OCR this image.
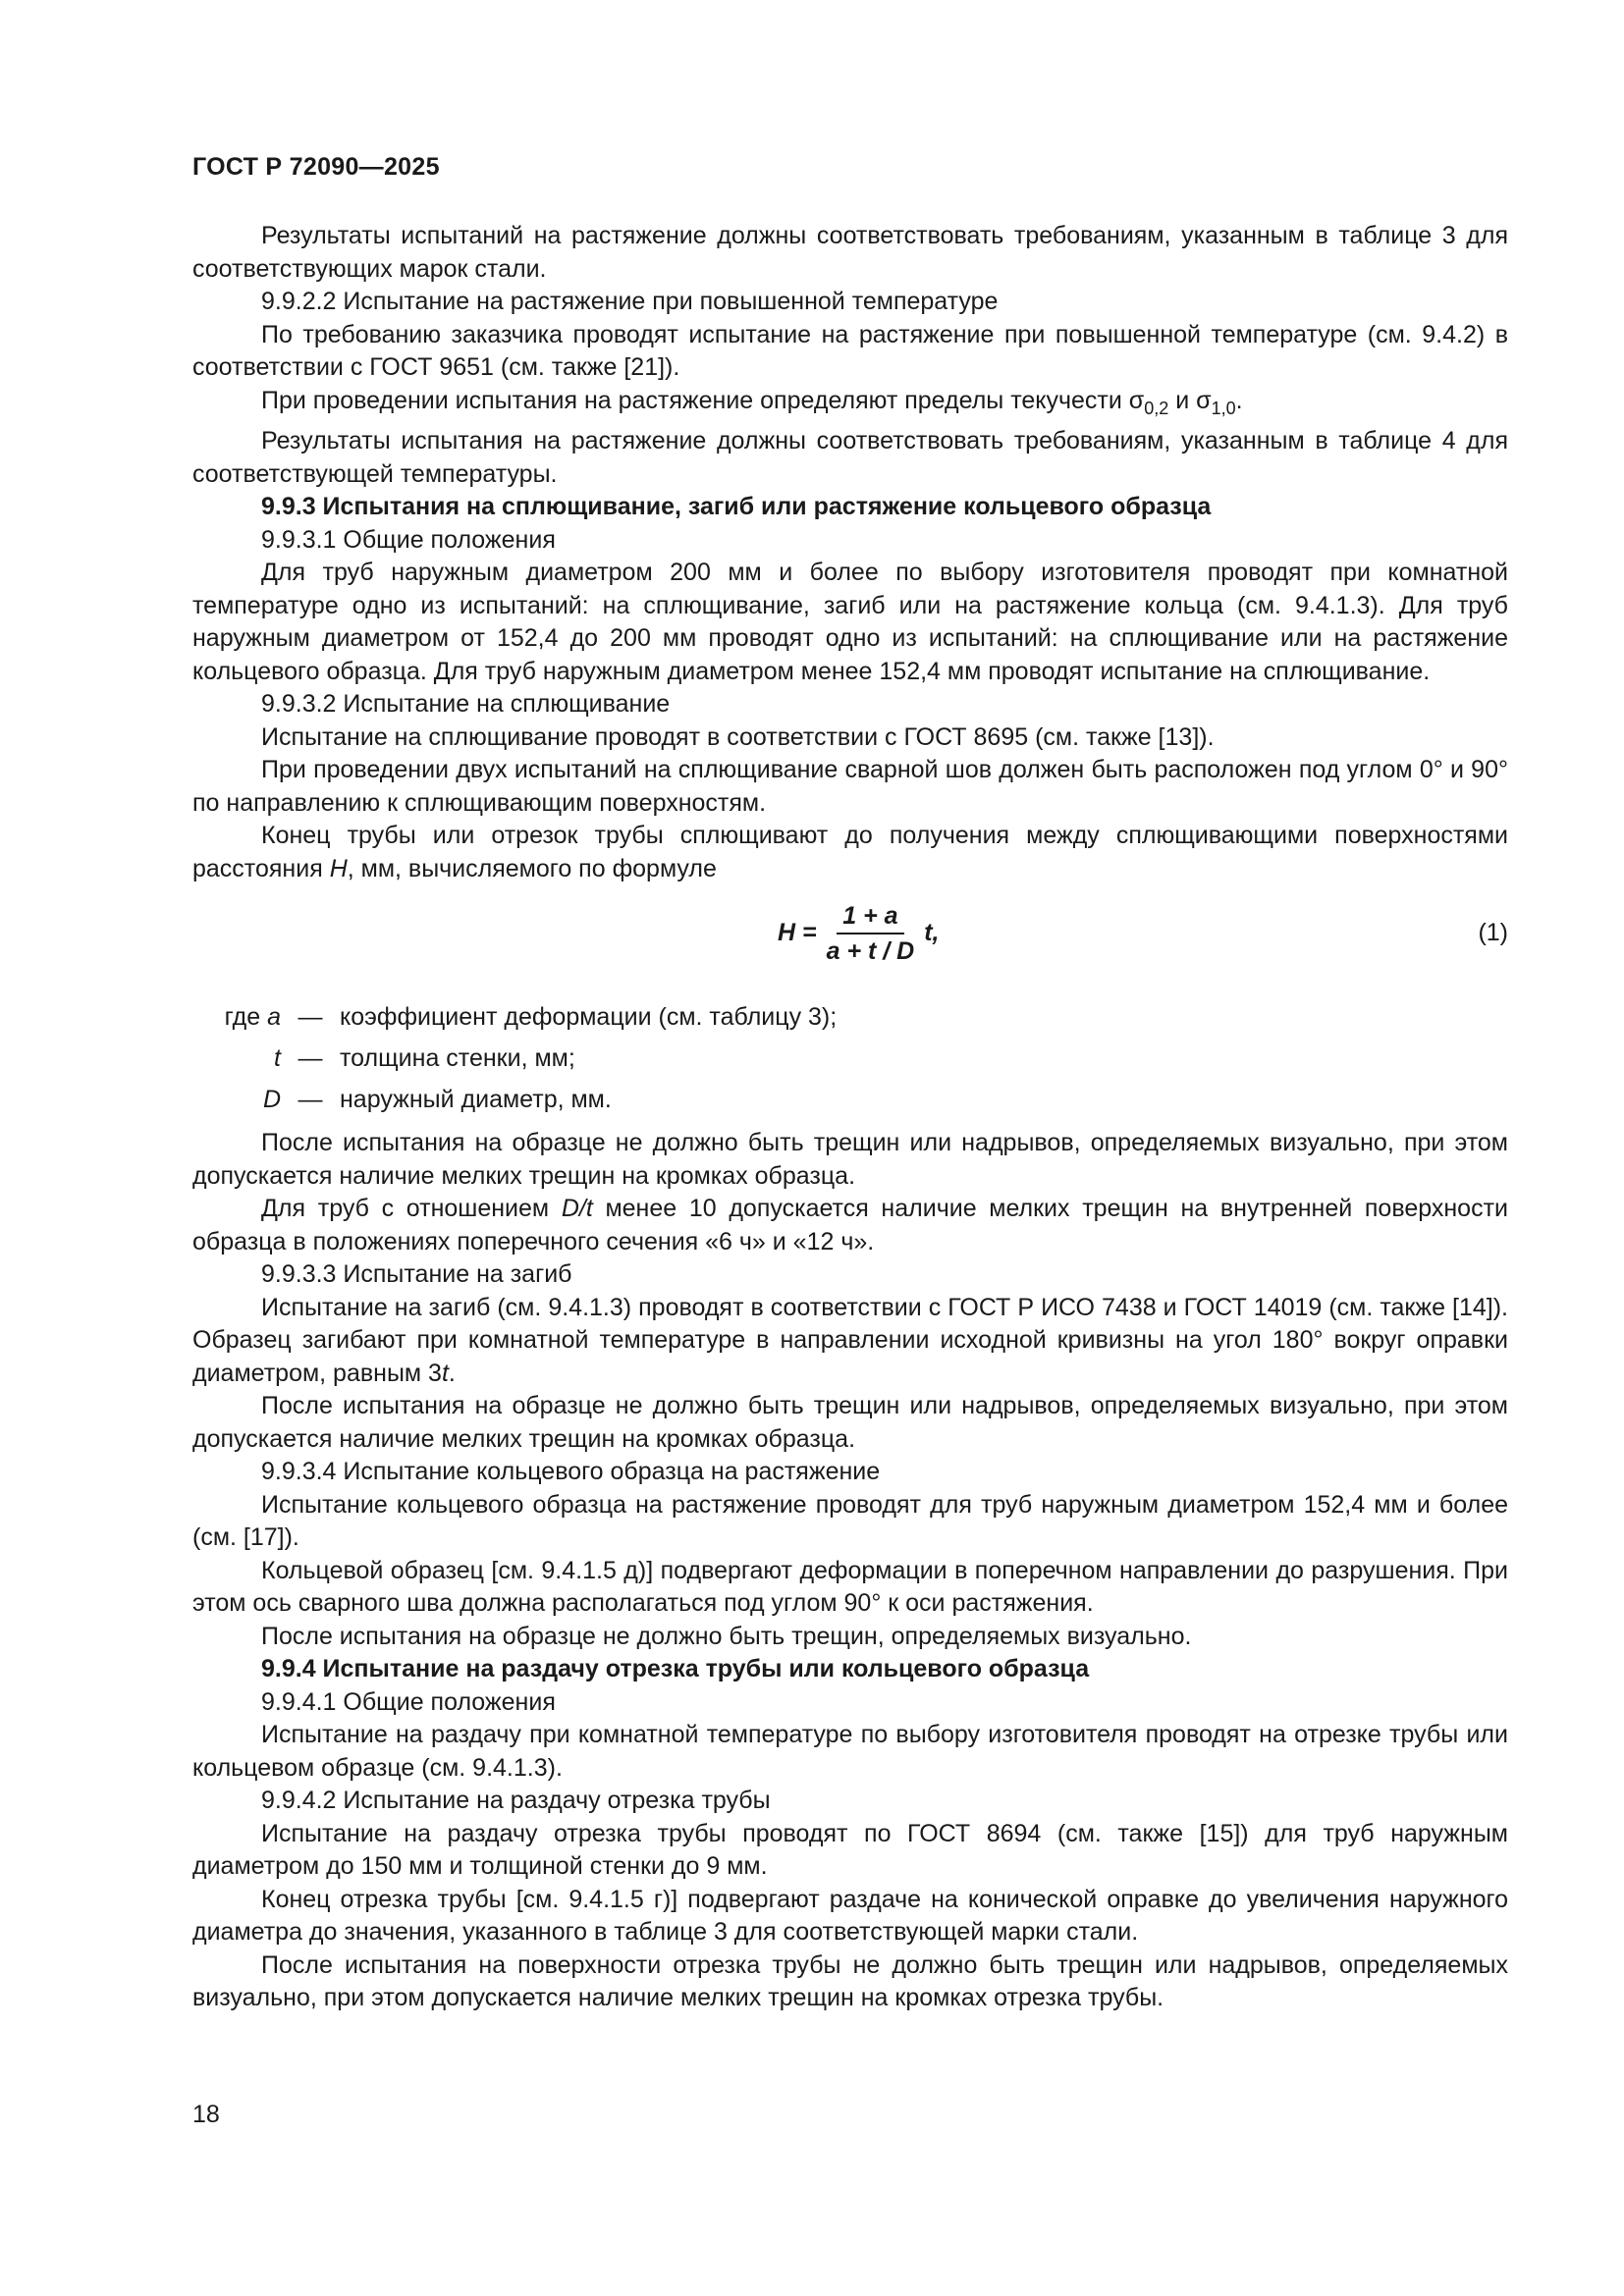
ГОСТ Р 72090—2025

Результаты испытаний на растяжение должны соответствовать требованиям, указанным в таблице 3 для соответствующих марок стали.

9.9.2.2 Испытание на растяжение при повышенной температуре

По требованию заказчика проводят испытание на растяжение при повышенной температуре (см. 9.4.2) в соответствии с ГОСТ 9651 (см. также [21]).

При проведении испытания на растяжение определяют пределы текучести $\sigma_{0,2}$ и $\sigma_{1,0}$.

Результаты испытания на растяжение должны соответствовать требованиям, указанным в таблице 4 для соответствующей температуры.

9.9.3 Испытания на сплющивание, загиб или растяжение кольцевого образца

9.9.3.1 Общие положения

Для труб наружным диаметром 200 мм и более по выбору изготовителя проводят при комнатной температуре одно из испытаний: на сплющивание, загиб или на растяжение кольца (см. 9.4.1.3). Для труб наружным диаметром от 152,4 до 200 мм проводят одно из испытаний: на сплющивание или на растяжение кольцевого образца. Для труб наружным диаметром менее 152,4 мм проводят испытание на сплющивание.

9.9.3.2 Испытание на сплющивание

Испытание на сплющивание проводят в соответствии с ГОСТ 8695 (см. также [13]).

При проведении двух испытаний на сплющивание сварной шов должен быть расположен под углом 0° и 90° по направлению к сплющивающим поверхностям.

Конец трубы или отрезок трубы сплющивают до получения между сплющивающими поверхностями расстояния H, мм, вычисляемого по формуле

$H = \frac{1 + a}{a + t / D} t$,	(1)
где a — коэффициент деформации (см. таблицу 3);
t — толщина стенки, мм;
D — наружный диаметр, мм.

После испытания на образце не должно быть трещин или надрывов, определяемых визуально, при этом допускается наличие мелких трещин на кромках образца.

Для труб с отношением D/t менее 10 допускается наличие мелких трещин на внутренней поверхности образца в положениях поперечного сечения «6 ч» и «12 ч».

9.9.3.3 Испытание на загиб

Испытание на загиб (см. 9.4.1.3) проводят в соответствии с ГОСТ Р ИСО 7438 и ГОСТ 14019 (см. также [14]). Образец загибают при комнатной температуре в направлении исходной кривизны на угол 180° вокруг оправки диаметром, равным 3t.

После испытания на образце не должно быть трещин или надрывов, определяемых визуально, при этом допускается наличие мелких трещин на кромках образца.

9.9.3.4 Испытание кольцевого образца на растяжение

Испытание кольцевого образца на растяжение проводят для труб наружным диаметром 152,4 мм и более (см. [17]).

Кольцевой образец [см. 9.4.1.5 д)] подвергают деформации в поперечном направлении до разрушения. При этом ось сварного шва должна располагаться под углом 90° к оси растяжения.

После испытания на образце не должно быть трещин, определяемых визуально.

9.9.4 Испытание на раздачу отрезка трубы или кольцевого образца

9.9.4.1 Общие положения

Испытание на раздачу при комнатной температуре по выбору изготовителя проводят на отрезке трубы или кольцевом образце (см. 9.4.1.3).

9.9.4.2 Испытание на раздачу отрезка трубы

Испытание на раздачу отрезка трубы проводят по ГОСТ 8694 (см. также [15]) для труб наружным диаметром до 150 мм и толщиной стенки до 9 мм.

Конец отрезка трубы [см. 9.4.1.5 г)] подвергают раздаче на конической оправке до увеличения наружного диаметра до значения, указанного в таблице 3 для соответствующей марки стали.

После испытания на поверхности отрезка трубы не должно быть трещин или надрывов, определяемых визуально, при этом допускается наличие мелких трещин на кромках отрезка трубы.

18
